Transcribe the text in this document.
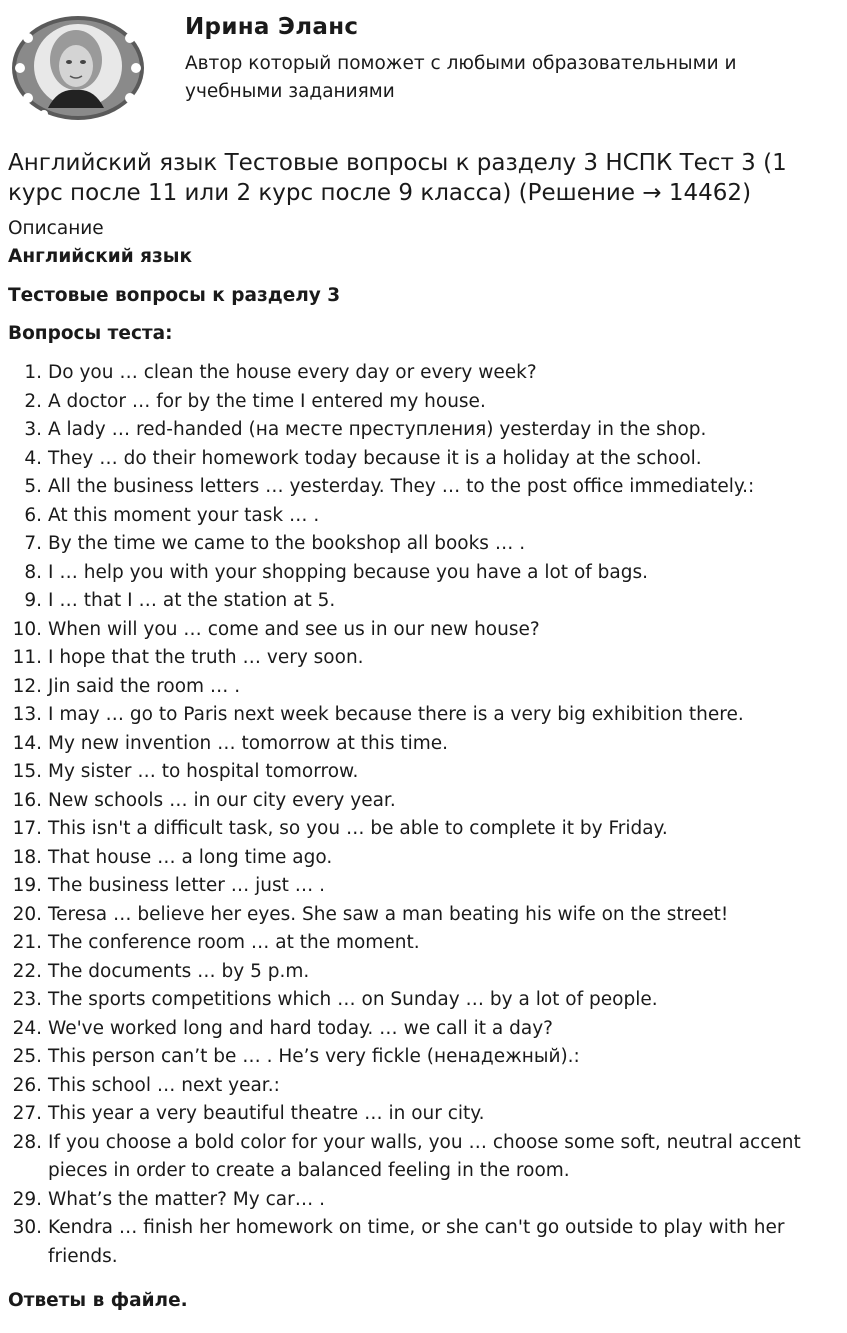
Ирина Эланс

Автор который поможет с любыми образовательными и учебными заданиями

Английский язык Тестовые вопросы к разделу 3 НСПК Тест 3 (1 курс после 11 или 2 курс после 9 класса) (Решение → 14462)

Описание

Английский язык

Тестовые вопросы к разделу 3

Вопросы теста:

1. Do you … clean the house every day or every week?
2. A doctor … for by the time I entered my house.
3. A lady … red-handed (на месте преступления) yesterday in the shop.
4. They … do their homework today because it is a holiday at the school.
5. All the business letters … yesterday. They … to the post office immediately.:
6. At this moment your task … .
7. By the time we came to the bookshop all books … .
8. I … help you with your shopping because you have a lot of bags.
9. I … that I … at the station at 5.
10. When will you … come and see us in our new house?
11. I hope that the truth … very soon.
12. Jin said the room … .
13. I may … go to Paris next week because there is a very big exhibition there.
14. My new invention … tomorrow at this time.
15. My sister … to hospital tomorrow.
16. New schools … in our city every year.
17. This isn't a difficult task, so you … be able to complete it by Friday.
18. That house … a long time ago.
19. The business letter … just … .
20. Teresa … believe her eyes. She saw a man beating his wife on the street!
21. The conference room … at the moment.
22. The documents … by 5 p.m.
23. The sports competitions which … on Sunday … by a lot of people.
24. We've worked long and hard today. … we call it a day?
25. This person can’t be … . He’s very fickle (ненадежный).:
26. This school … next year.:
27. This year a very beautiful theatre … in our city.
28. If you choose a bold color for your walls, you … choose some soft, neutral accent pieces in order to create a balanced feeling in the room.
29. What’s the matter? My car… .
30. Kendra … finish her homework on time, or she can't go outside to play with her friends.

Ответы в файле.
